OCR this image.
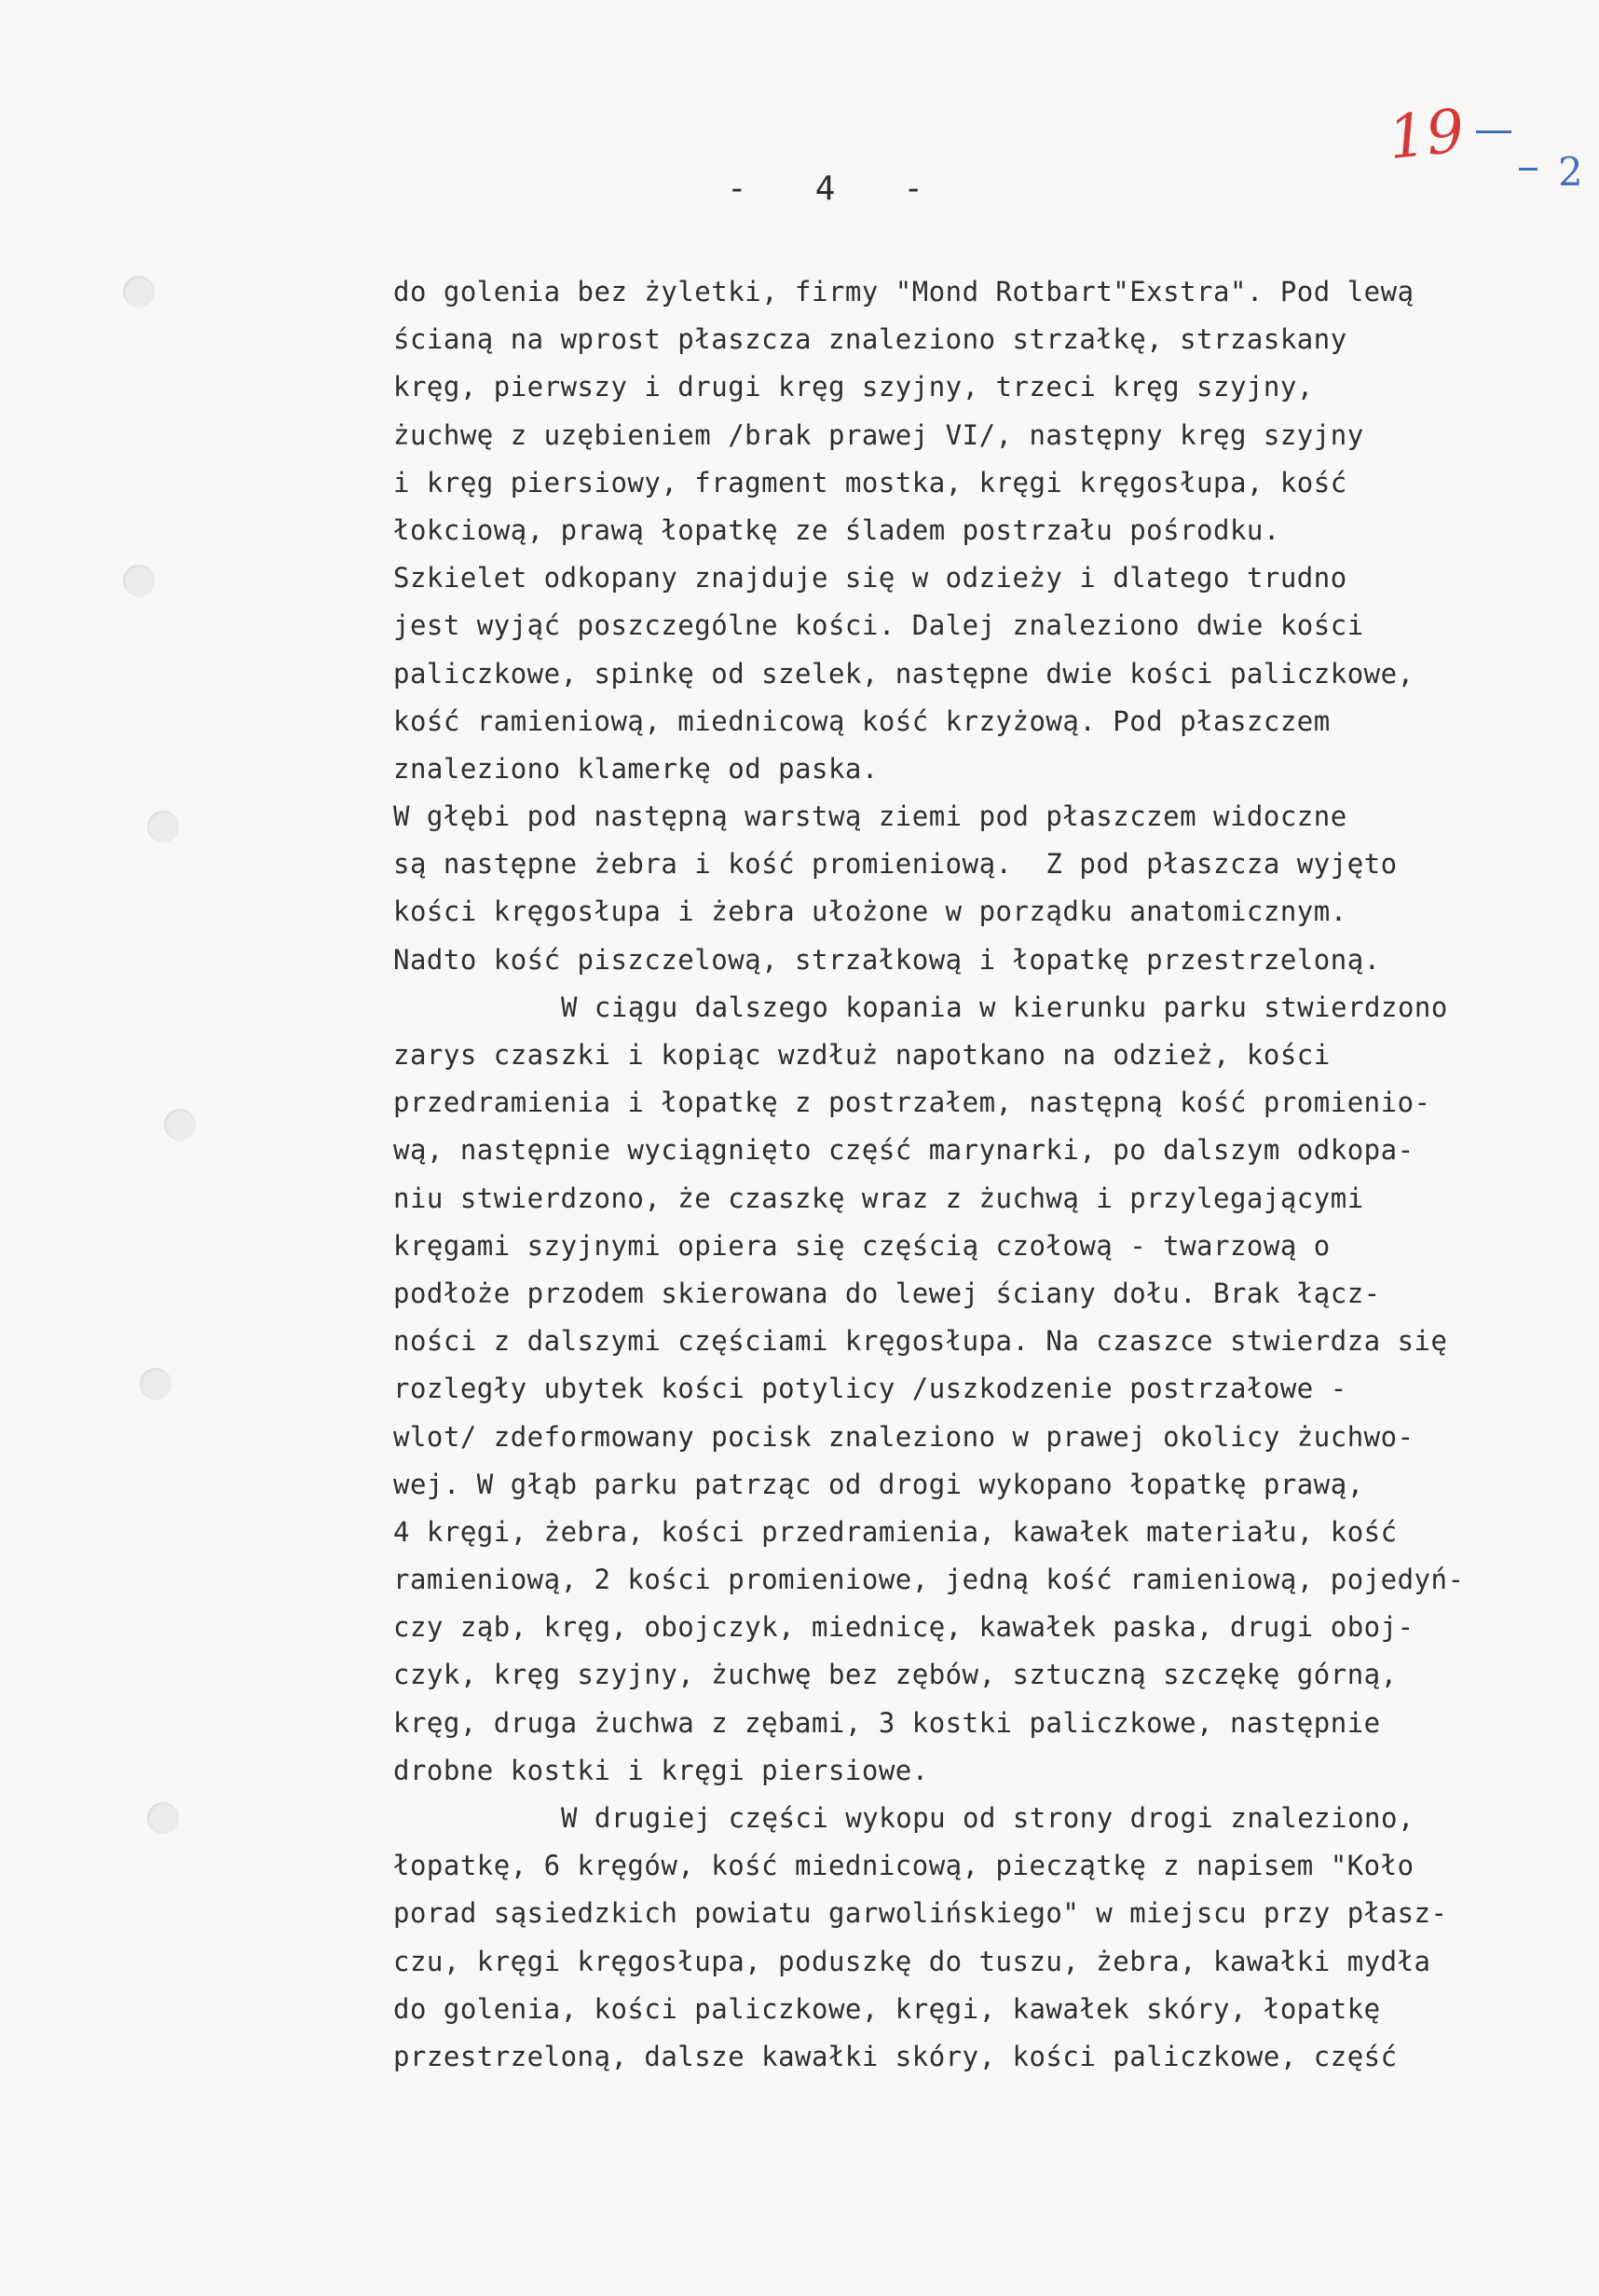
19 2
-   4   -
do golenia bez żyletki, firmy "Mond Rotbart"Exstra". Pod lewą
ścianą na wprost płaszcza znaleziono strzałkę, strzaskany
kręg, pierwszy i drugi kręg szyjny, trzeci kręg szyjny,
żuchwę z uzębieniem /brak prawej VI/, następny kręg szyjny
i kręg piersiowy, fragment mostka, kręgi kręgosłupa, kość
łokciową, prawą łopatkę ze śladem postrzału pośrodku.
Szkielet odkopany znajduje się w odzieży i dlatego trudno
jest wyjąć poszczególne kości. Dalej znaleziono dwie kości
paliczkowe, spinkę od szelek, następne dwie kości paliczkowe,
kość ramieniową, miednicową kość krzyżową. Pod płaszczem
znaleziono klamerkę od paska.
W głębi pod następną warstwą ziemi pod płaszczem widoczne
są następne żebra i kość promieniową.  Z pod płaszcza wyjęto
kości kręgosłupa i żebra ułożone w porządku anatomicznym.
Nadto kość piszczelową, strzałkową i łopatkę przestrzeloną.
W ciągu dalszego kopania w kierunku parku stwierdzono
zarys czaszki i kopiąc wzdłuż napotkano na odzież, kości
przedramienia i łopatkę z postrzałem, następną kość promienio-
wą, następnie wyciągnięto część marynarki, po dalszym odkopa-
niu stwierdzono, że czaszkę wraz z żuchwą i przylegającymi
kręgami szyjnymi opiera się częścią czołową - twarzową o
podłoże przodem skierowana do lewej ściany dołu. Brak łącz-
ności z dalszymi częściami kręgosłupa. Na czaszce stwierdza się
rozległy ubytek kości potylicy /uszkodzenie postrzałowe -
wlot/ zdeformowany pocisk znaleziono w prawej okolicy żuchwo-
wej. W głąb parku patrząc od drogi wykopano łopatkę prawą,
4 kręgi, żebra, kości przedramienia, kawałek materiału, kość
ramieniową, 2 kości promieniowe, jedną kość ramieniową, pojedyń-
czy ząb, kręg, obojczyk, miednicę, kawałek paska, drugi oboj-
czyk, kręg szyjny, żuchwę bez zębów, sztuczną szczękę górną,
kręg, druga żuchwa z zębami, 3 kostki paliczkowe, następnie
drobne kostki i kręgi piersiowe.
W drugiej części wykopu od strony drogi znaleziono,
łopatkę, 6 kręgów, kość miednicową, pieczątkę z napisem "Koło
porad sąsiedzkich powiatu garwolińskiego" w miejscu przy płasz-
czu, kręgi kręgosłupa, poduszkę do tuszu, żebra, kawałki mydła
do golenia, kości paliczkowe, kręgi, kawałek skóry, łopatkę
przestrzeloną, dalsze kawałki skóry, kości paliczkowe, część
